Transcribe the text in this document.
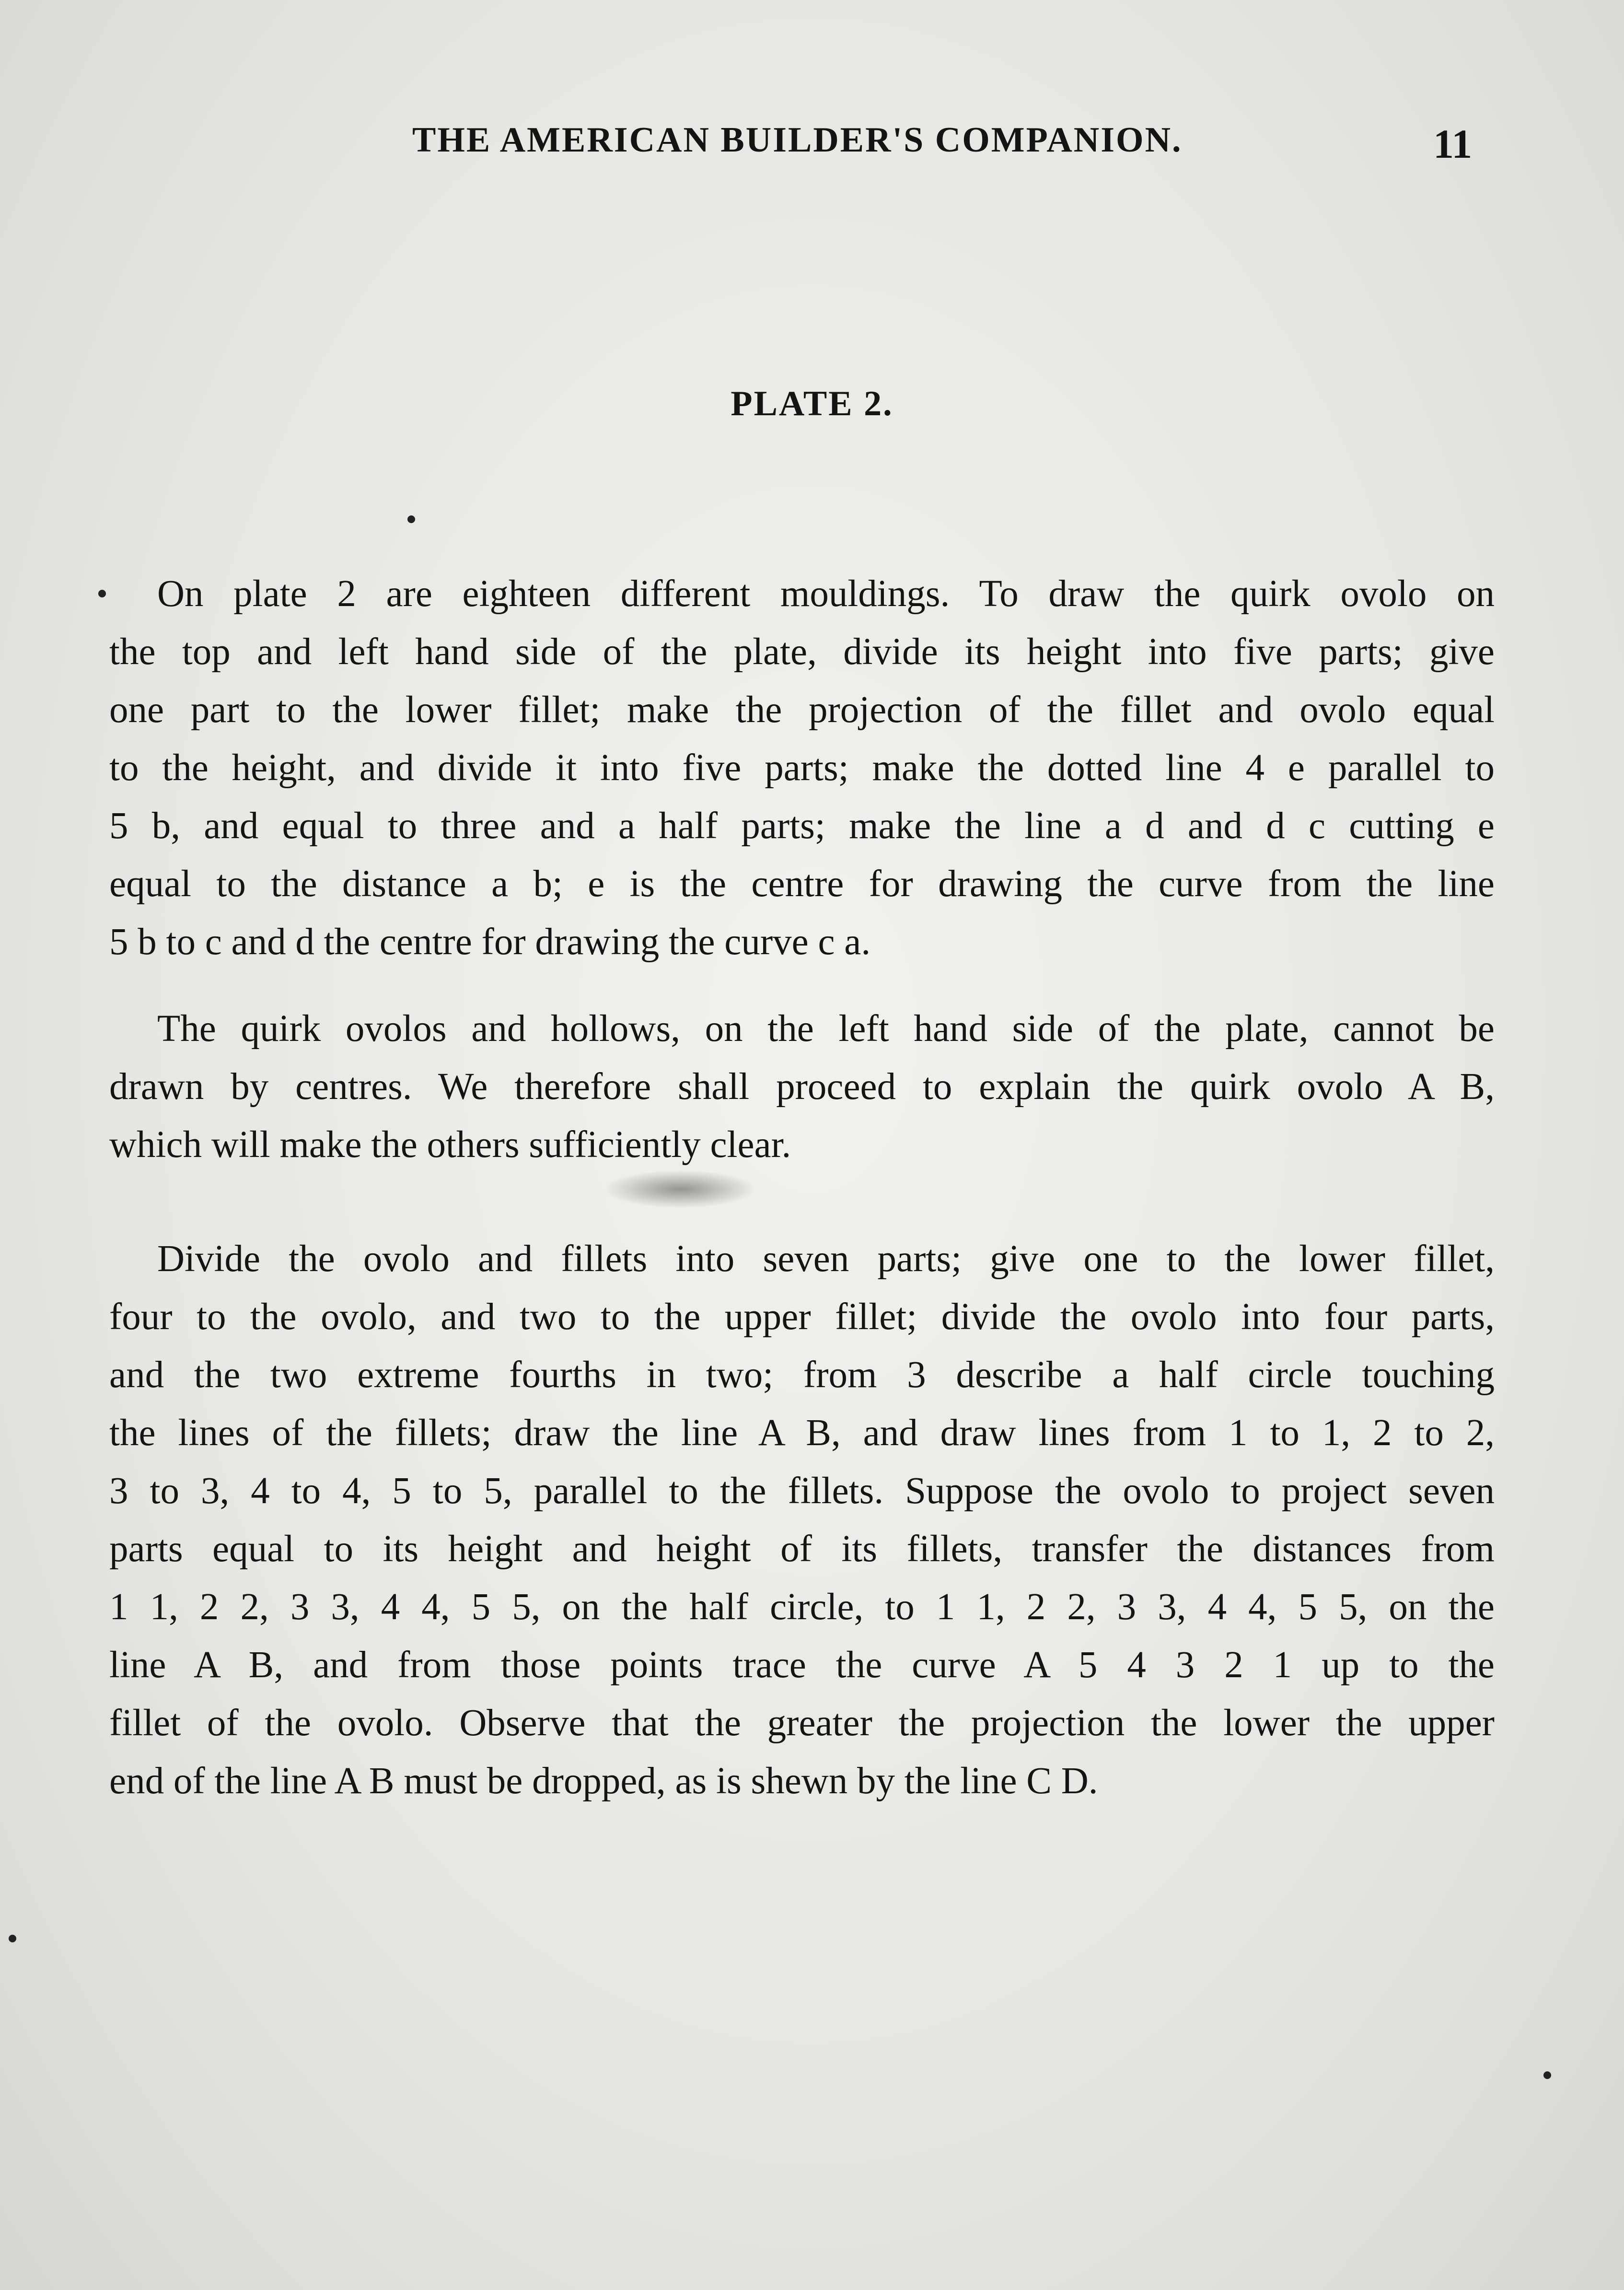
THE AMERICAN BUILDER'S COMPANION.	11
PLATE 2.
On plate 2 are eighteen different mouldings. To draw the quirk ovolo on
the top and left hand side of the plate, divide its height into five parts; give
one part to the lower fillet; make the projection of the fillet and ovolo equal
to the height, and divide it into five parts; make the dotted line 4 e parallel to
5 b, and equal to three and a half parts; make the line a d and d c cutting e
equal to the distance a b; e is the centre for drawing the curve from the line
5 b to c and d the centre for drawing the curve c a.
The quirk ovolos and hollows, on the left hand side of the plate, cannot be
drawn by centres. We therefore shall proceed to explain the quirk ovolo A B,
which will make the others sufficiently clear.
Divide the ovolo and fillets into seven parts; give one to the lower fillet,
four to the ovolo, and two to the upper fillet; divide the ovolo into four parts,
and the two extreme fourths in two; from 3 describe a half circle touching
the lines of the fillets; draw the line A B, and draw lines from 1 to 1, 2 to 2,
3 to 3, 4 to 4, 5 to 5, parallel to the fillets. Suppose the ovolo to project seven
parts equal to its height and height of its fillets, transfer the distances from
1 1, 2 2, 3 3, 4 4, 5 5, on the half circle, to 1 1, 2 2, 3 3, 4 4, 5 5, on the
line A B, and from those points trace the curve A 5 4 3 2 1 up to the
fillet of the ovolo. Observe that the greater the projection the lower the upper
end of the line A B must be dropped, as is shewn by the line C D.
